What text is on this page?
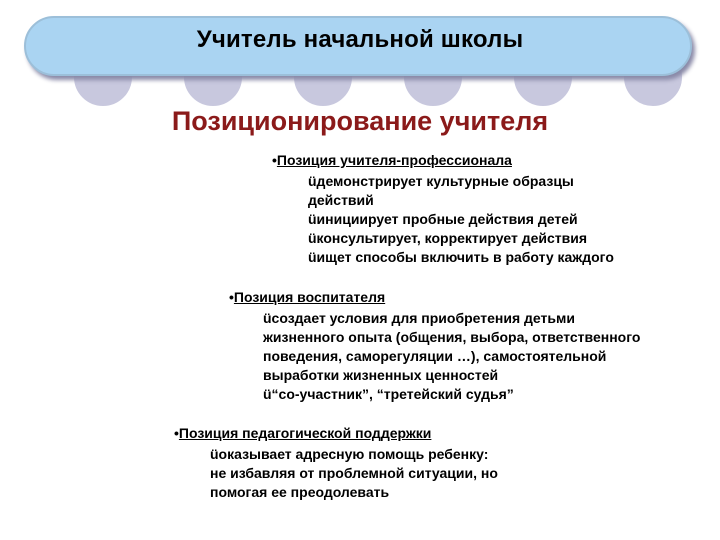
Учитель начальной школы
Позиционирование учителя
•Позиция учителя-профессионала
üдемонстрирует культурные образцы
действий
üинициирует пробные действия детей
üконсультирует, корректирует действия
üищет способы включить в работу каждого
•Позиция воспитателя
üсоздает условия для приобретения детьми
жизненного опыта (общения, выбора, ответственного
поведения, саморегуляции …), самостоятельной
выработки жизненных ценностей
ü“со-участник”, “третейский судья”
•Позиция педагогической поддержки
üоказывает адресную помощь ребенку:
не избавляя от проблемной ситуации, но
помогая ее преодолевать
